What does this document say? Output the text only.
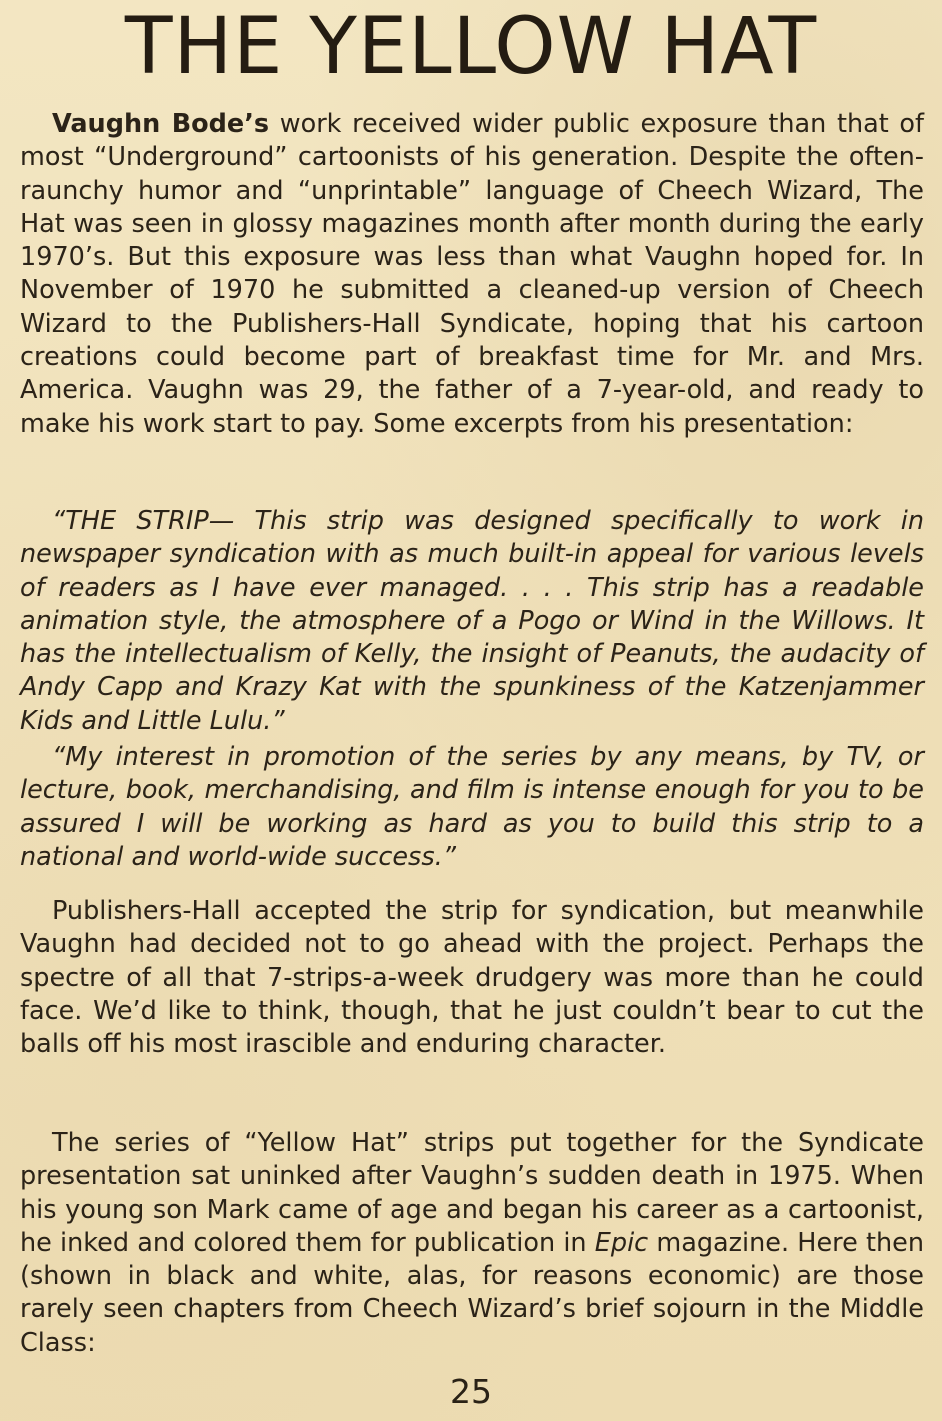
THE YELLOW HAT

Vaughn Bode’s work received wider public exposure than that of most “Underground” cartoonists of his generation. Despite the often-raunchy humor and “unprintable” language of Cheech Wizard, The Hat was seen in glossy magazines month after month during the early 1970’s. But this exposure was less than what Vaughn hoped for. In November of 1970 he submitted a cleaned-up version of Cheech Wizard to the Publishers-Hall Syndicate, hoping that his cartoon creations could become part of breakfast time for Mr. and Mrs. America. Vaughn was 29, the father of a 7-year-old, and ready to make his work start to pay. Some excerpts from his presentation:

“THE STRIP— This strip was designed specifically to work in newspaper syndication with as much built-in appeal for various levels of readers as I have ever managed. . . . This strip has a readable animation style, the atmosphere of a Pogo or Wind in the Willows. It has the intellectualism of Kelly, the insight of Peanuts, the audacity of Andy Capp and Krazy Kat with the spunkiness of the Katzenjammer Kids and Little Lulu.”

“My interest in promotion of the series by any means, by TV, or lecture, book, merchandising, and film is intense enough for you to be assured I will be working as hard as you to build this strip to a national and world-wide success.”

Publishers-Hall accepted the strip for syndication, but meanwhile Vaughn had decided not to go ahead with the project. Perhaps the spectre of all that 7-strips-a-week drudgery was more than he could face. We’d like to think, though, that he just couldn’t bear to cut the balls off his most irascible and enduring character.

The series of “Yellow Hat” strips put together for the Syndicate presentation sat uninked after Vaughn’s sudden death in 1975. When his young son Mark came of age and began his career as a cartoonist, he inked and colored them for publication in Epic magazine. Here then (shown in black and white, alas, for reasons economic) are those rarely seen chapters from Cheech Wizard’s brief sojourn in the Middle Class:

25
